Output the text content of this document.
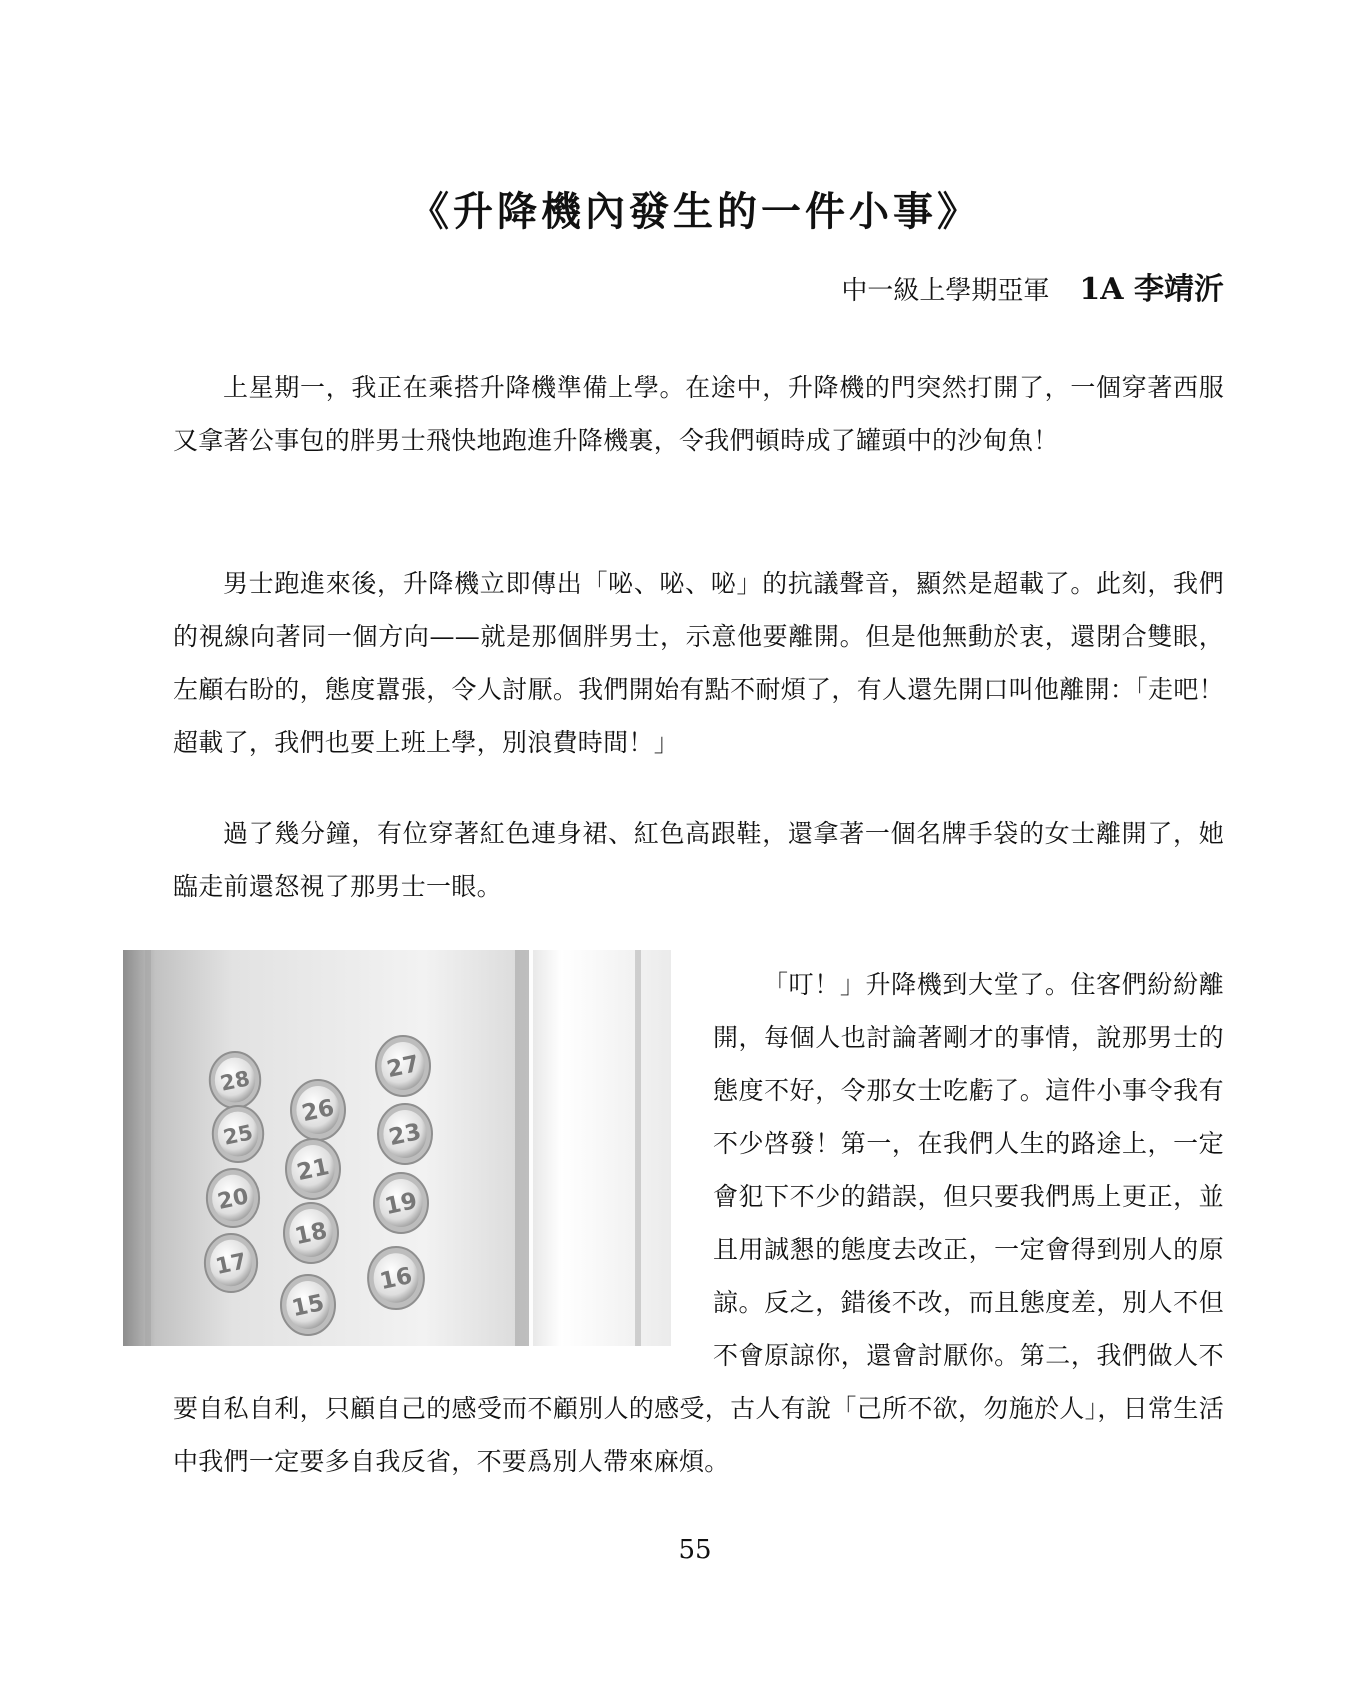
《升降機內發生的一件小事》
中一級上學期亞軍 1A 李靖沂

上星期一，我正在乘搭升降機準備上學。在途中，升降機的門突然打開了，一個穿著西服又拿著公事包的胖男士飛快地跑進升降機裏，令我們頓時成了罐頭中的沙甸魚！

男士跑進來後，升降機立即傳出「咇、咇、咇」的抗議聲音，顯然是超載了。此刻，我們的視線向著同一個方向——就是那個胖男士，示意他要離開。但是他無動於衷，還閉合雙眼，左顧右盼的，態度囂張，令人討厭。我們開始有點不耐煩了，有人還先開口叫他離開：「走吧！超載了，我們也要上班上學，別浪費時間！」

過了幾分鐘，有位穿著紅色連身裙、紅色高跟鞋，還拿著一個名牌手袋的女士離開了，她臨走前還怒視了那男士一眼。

28	27
26
25	23
21
20	19
18
17	16
15
「叮！」升降機到大堂了。住客們紛紛離開，每個人也討論著剛才的事情，說那男士的態度不好，令那女士吃虧了。這件小事令我有不少啓發！第一，在我們人生的路途上，一定會犯下不少的錯誤，但只要我們馬上更正，並且用誠懇的態度去改正，一定會得到別人的原諒。反之，錯後不改，而且態度差，別人不但不會原諒你，還會討厭你。第二，我們做人不要自私自利，只顧自己的感受而不顧別人的感受，古人有說「己所不欲，勿施於人」，日常生活中我們一定要多自我反省，不要爲別人帶來麻煩。
55
